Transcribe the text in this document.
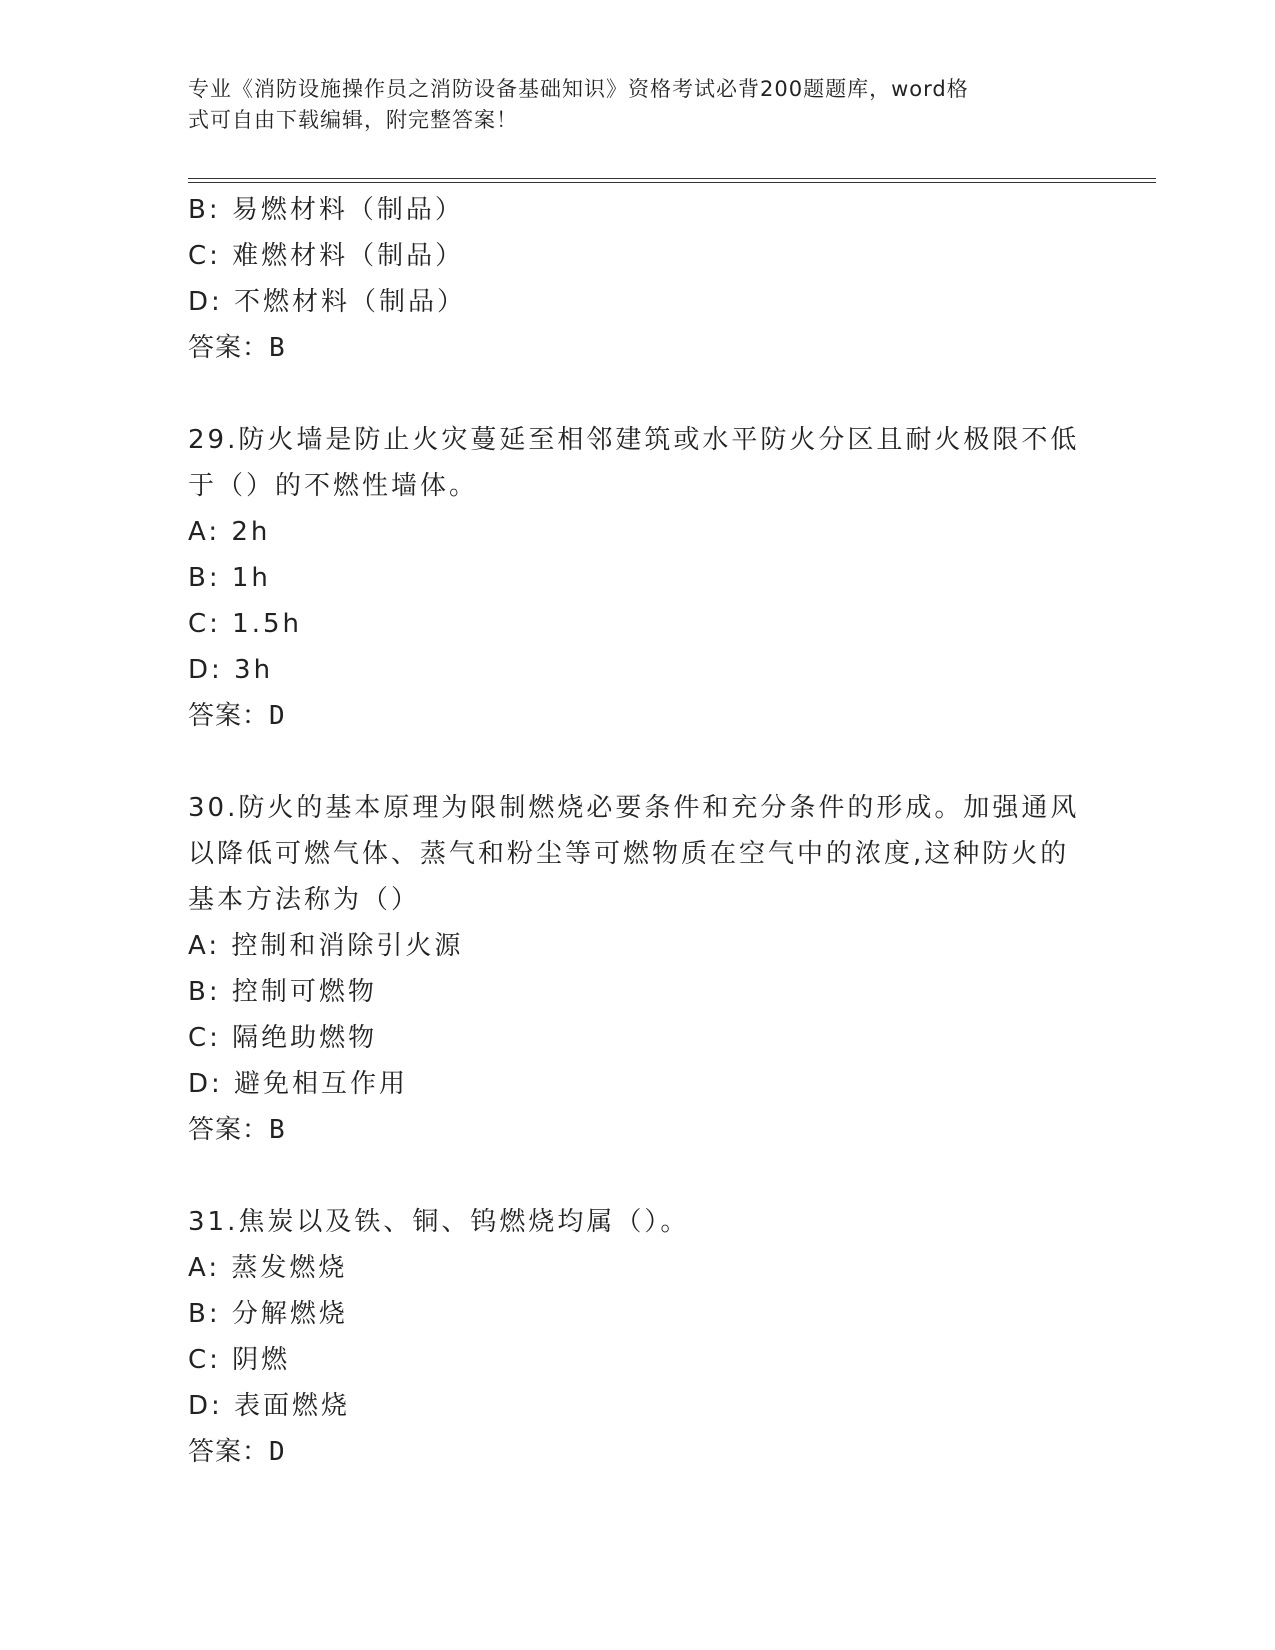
专业《消防设施操作员之消防设备基础知识》资格考试必背200题题库，word格
式可自由下载编辑，附完整答案！
B: 易燃材料（制品）
C: 难燃材料（制品）
D: 不燃材料（制品）
答案：B
29.防火墙是防止火灾蔓延至相邻建筑或水平防火分区且耐火极限不低
于（）的不燃性墙体。
A: 2h
B: 1h
C: 1.5h
D: 3h
答案：D
30.防火的基本原理为限制燃烧必要条件和充分条件的形成。加强通风
以降低可燃气体、蒸气和粉尘等可燃物质在空气中的浓度,这种防火的
基本方法称为（）
A: 控制和消除引火源
B: 控制可燃物
C: 隔绝助燃物
D: 避免相互作用
答案：B
31.焦炭以及铁、铜、钨燃烧均属（）。
A: 蒸发燃烧
B: 分解燃烧
C: 阴燃
D: 表面燃烧
答案：D
